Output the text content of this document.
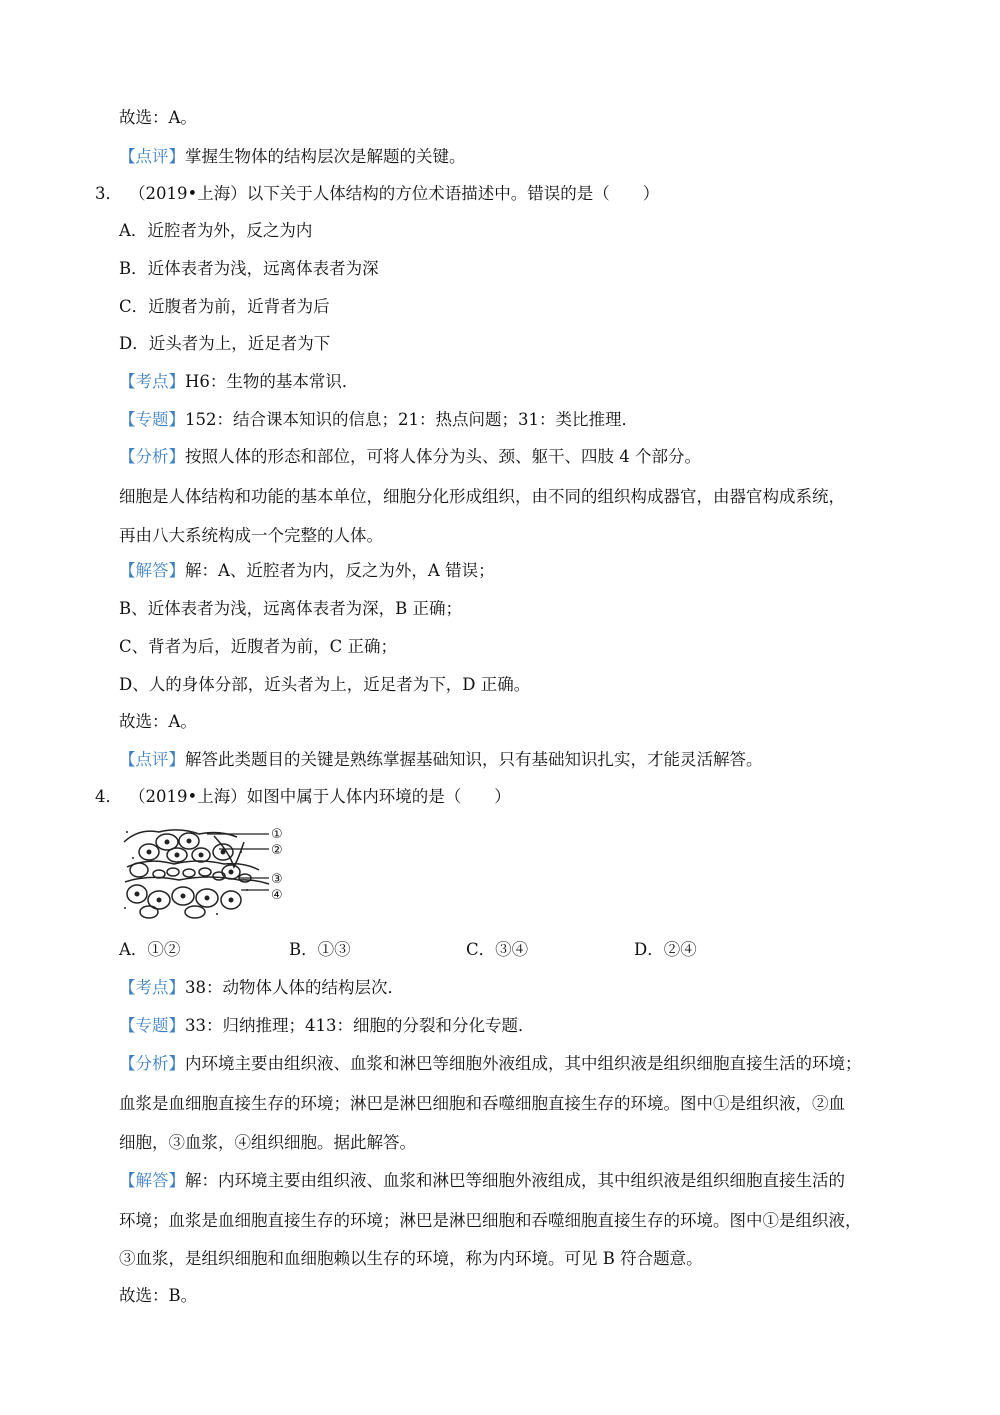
故选：A。
【点评】掌握生物体的结构层次是解题的关键。
3． （2019•上海）以下关于人体结构的方位术语描述中。错误的是（　　）
A．近腔者为外，反之为内
B．近体表者为浅，远离体表者为深
C．近腹者为前，近背者为后
D．近头者为上，近足者为下
【考点】H6：生物的基本常识．
【专题】152：结合课本知识的信息；21：热点问题；31：类比推理．
【分析】按照人体的形态和部位，可将人体分为头、颈、躯干、四肢 4 个部分。
细胞是人体结构和功能的基本单位，细胞分化形成组织，由不同的组织构成器官，由器官构成系统，
再由八大系统构成一个完整的人体。
【解答】解：A、近腔者为内，反之为外，A 错误；
B、近体表者为浅，远离体表者为深，B 正确；
C、背者为后，近腹者为前，C 正确；
D、人的身体分部，近头者为上，近足者为下，D 正确。
故选：A。
【点评】解答此类题目的关键是熟练掌握基础知识，只有基础知识扎实，才能灵活解答。
4． （2019•上海）如图中属于人体内环境的是（　　）
①
②
③
④
A．①②	B．①③	C．③④	D．②④
【考点】38：动物体人体的结构层次．
【专题】33：归纳推理；413：细胞的分裂和分化专题．
【分析】内环境主要由组织液、血浆和淋巴等细胞外液组成，其中组织液是组织细胞直接生活的环境；
血浆是血细胞直接生存的环境；淋巴是淋巴细胞和吞噬细胞直接生存的环境。图中①是组织液，②血
细胞，③血浆，④组织细胞。据此解答。
【解答】解：内环境主要由组织液、血浆和淋巴等细胞外液组成，其中组织液是组织细胞直接生活的
环境；血浆是血细胞直接生存的环境；淋巴是淋巴细胞和吞噬细胞直接生存的环境。图中①是组织液，
③血浆，是组织细胞和血细胞赖以生存的环境，称为内环境。可见 B 符合题意。
故选：B。
